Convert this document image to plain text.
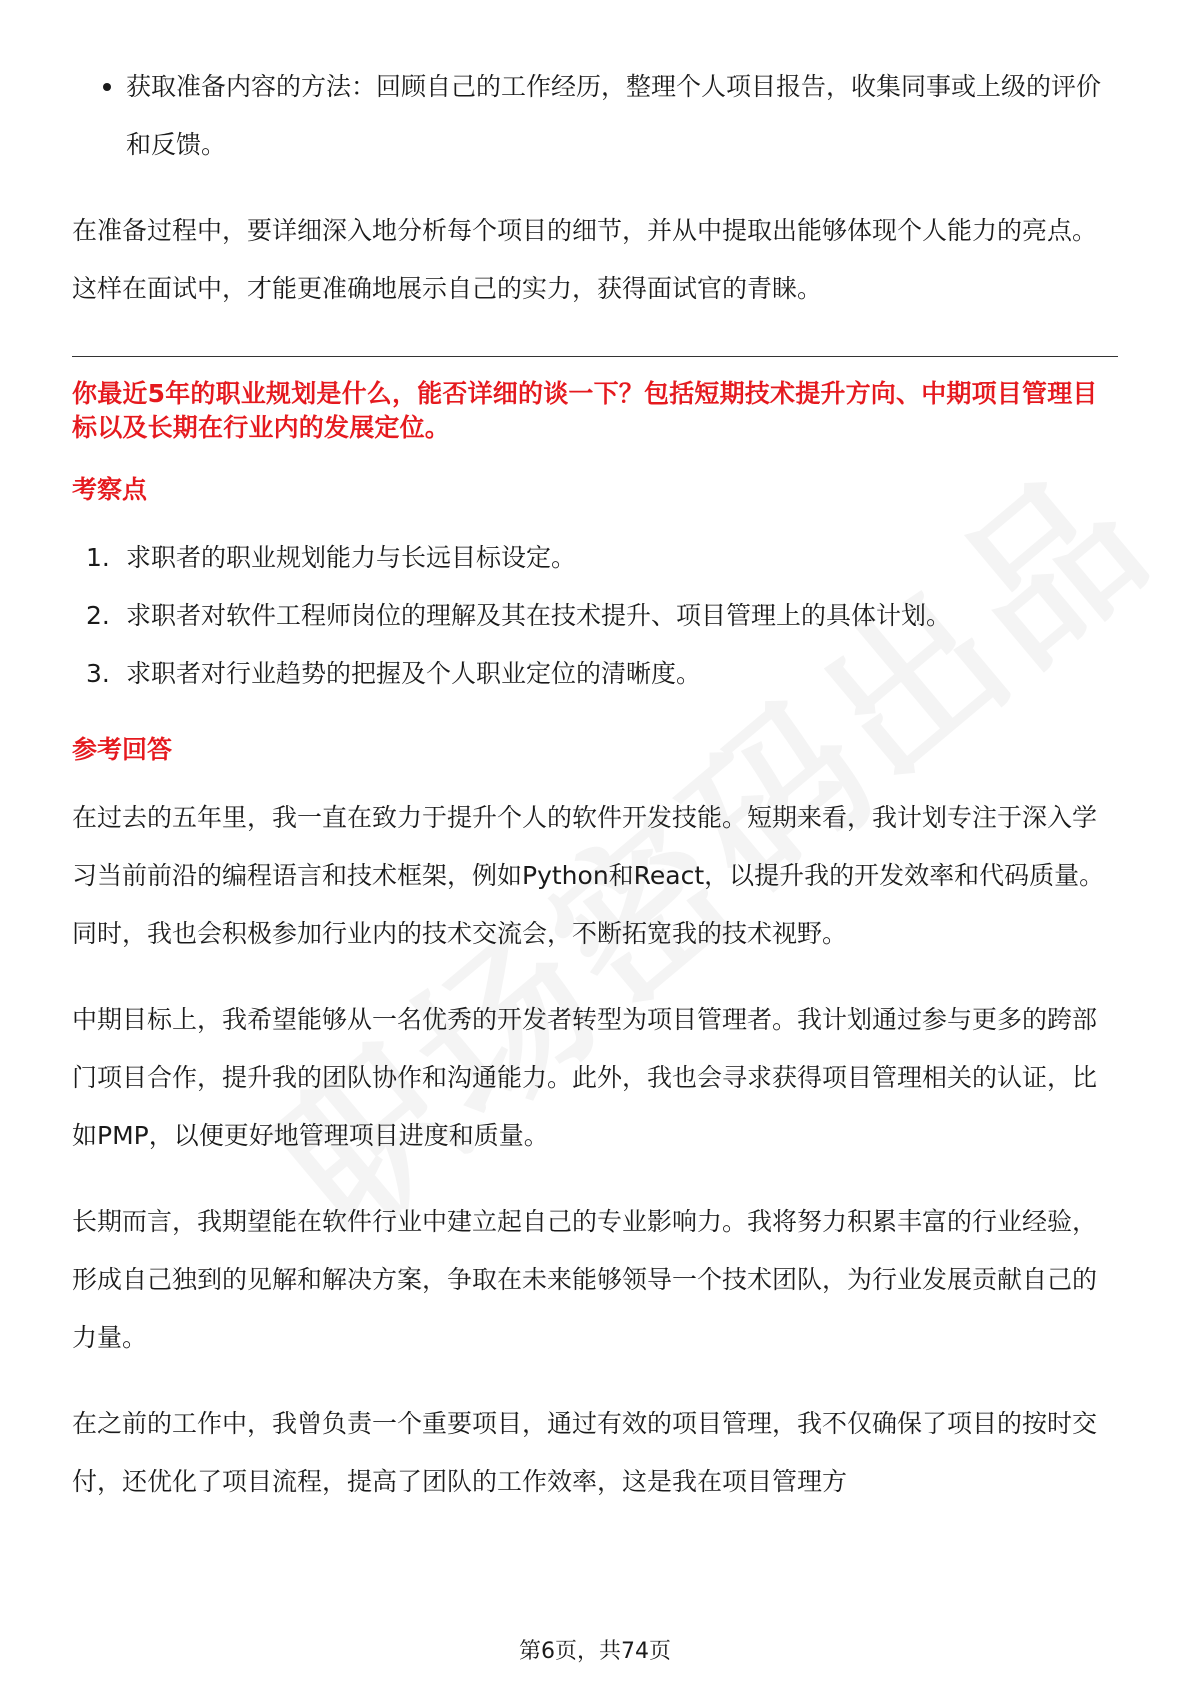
获取准备内容的方法：回顾自己的工作经历，整理个人项目报告，收集同事或上级的评价和反馈。

在准备过程中，要详细深入地分析每个项目的细节，并从中提取出能够体现个人能力的亮点。这样在面试中，才能更准确地展示自己的实力，获得面试官的青睐。

你最近5年的职业规划是什么，能否详细的谈一下？包括短期技术提升方向、中期项目管理目标以及长期在行业内的发展定位。
考察点
1. 求职者的职业规划能力与长远目标设定。
2. 求职者对软件工程师岗位的理解及其在技术提升、项目管理上的具体计划。
3. 求职者对行业趋势的把握及个人职业定位的清晰度。
参考回答

在过去的五年里，我一直在致力于提升个人的软件开发技能。短期来看，我计划专注于深入学习当前前沿的编程语言和技术框架，例如Python和React，以提升我的开发效率和代码质量。同时，我也会积极参加行业内的技术交流会，不断拓宽我的技术视野。

中期目标上，我希望能够从一名优秀的开发者转型为项目管理者。我计划通过参与更多的跨部门项目合作，提升我的团队协作和沟通能力。此外，我也会寻求获得项目管理相关的认证，比如PMP，以便更好地管理项目进度和质量。

长期而言，我期望能在软件行业中建立起自己的专业影响力。我将努力积累丰富的行业经验，形成自己独到的见解和解决方案，争取在未来能够领导一个技术团队，为行业发展贡献自己的力量。

在之前的工作中，我曾负责一个重要项目，通过有效的项目管理，我不仅确保了项目的按时交付，还优化了项目流程，提高了团队的工作效率，这是我在项目管理方

第6页，共74页
